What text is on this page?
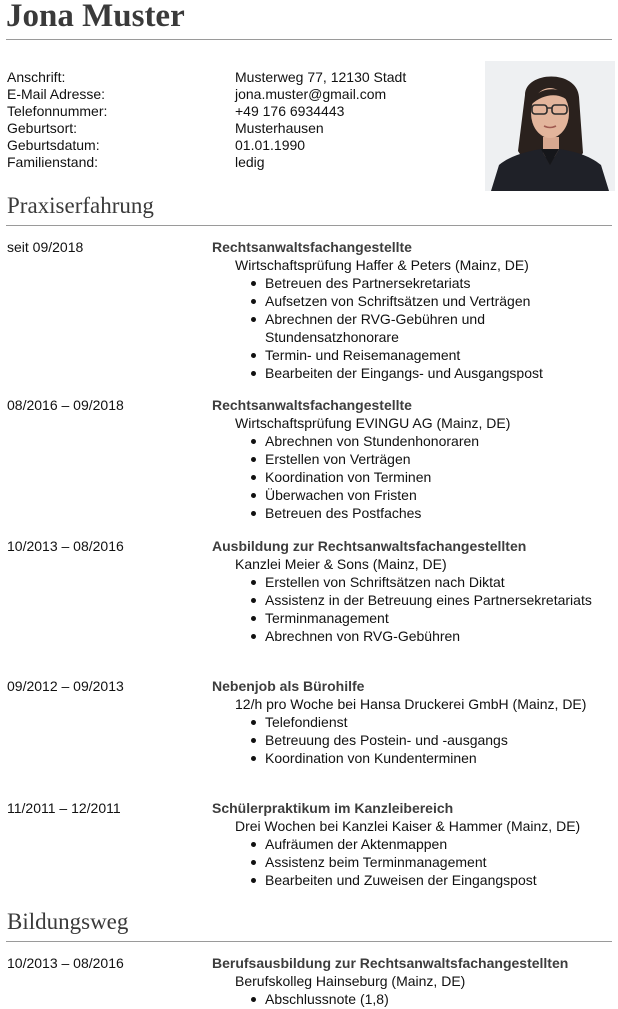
Jona Muster
Anschrift:	Musterweg 77, 12130 Stadt
E-Mail Adresse:	jona.muster@gmail.com
Telefonnummer:	+49 176 6934443
Geburtsort:	Musterhausen
Geburtsdatum:	01.01.1990
Familienstand:	ledig
Praxiserfahrung
seit 09/2018	Rechtsanwaltsfachangestellte
Wirtschaftsprüfung Haffer & Peters (Mainz, DE)
Betreuen des Partnersekretariats
Aufsetzen von Schriftsätzen und Verträgen
Abrechnen der RVG-Gebühren und Stundensatzhonorare
Termin- und Reisemanagement
Bearbeiten der Eingangs- und Ausgangspost
08/2016 – 09/2018	Rechtsanwaltsfachangestellte
Wirtschaftsprüfung EVINGU AG (Mainz, DE)
Abrechnen von Stundenhonoraren
Erstellen von Verträgen
Koordination von Terminen
Überwachen von Fristen
Betreuen des Postfaches
10/2013 – 08/2016	Ausbildung zur Rechtsanwaltsfachangestellten
Kanzlei Meier & Sons (Mainz, DE)
Erstellen von Schriftsätzen nach Diktat
Assistenz in der Betreuung eines Partnersekretariats
Terminmanagement
Abrechnen von RVG-Gebühren
09/2012 – 09/2013	Nebenjob als Bürohilfe
12/h pro Woche bei Hansa Druckerei GmbH (Mainz, DE)
Telefondienst
Betreuung des Postein- und -ausgangs
Koordination von Kundenterminen
11/2011 – 12/2011	Schülerpraktikum im Kanzleibereich
Drei Wochen bei Kanzlei Kaiser & Hammer (Mainz, DE)
Aufräumen der Aktenmappen
Assistenz beim Terminmanagement
Bearbeiten und Zuweisen der Eingangspost
Bildungsweg
10/2013 – 08/2016	Berufsausbildung zur Rechtsanwaltsfachangestellten
Berufskolleg Hainseburg (Mainz, DE)
Abschlussnote (1,8)
